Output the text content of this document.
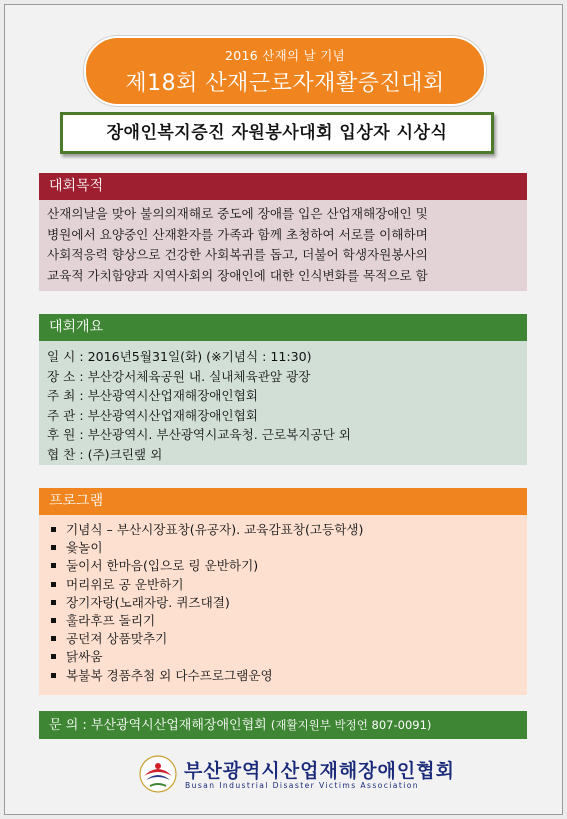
2016 산재의 날 기념
제18회 산재근로자재활증진대회
장애인복지증진 자원봉사대회 입상자 시상식
대회목적
산재의날을 맞아 불의의재해로 중도에 장애를 입은 산업재해장애인 및
병원에서 요양중인 산재환자를 가족과 함께 초청하여 서로를 이해하며
사회적응력 향상으로 건강한 사회복귀를 돕고, 더불어 학생자원봉사의
교육적 가치함양과 지역사회의 장애인에 대한 인식변화를 목적으로 함
대회개요
일 시 : 2016년5월31일(화) (※기념식 : 11:30)
장 소 : 부산강서체육공원 내. 실내체육관앞 광장
주 최 : 부산광역시산업재해장애인협회
주 관 : 부산광역시산업재해장애인협회
후 원 : 부산광역시. 부산광역시교육청. 근로복지공단 외
협 찬 : (주)크린랲 외
프로그램
기념식 – 부산시장표창(유공자). 교육감표창(고등학생)
윷놀이
둘이서 한마음(입으로 링 운반하기)
머리위로 공 운반하기
장기자랑(노래자랑. 퀴즈대결)
훌라후프 돌리기
공던져 상품맞추기
닭싸움
복불복 경품추첨 외 다수프로그램운영
문 의 : 부산광역시산업재해장애인협회 (재활지원부 박정언 807-0091)
부산광역시산업재해장애인협회
Busan Industrial Disaster Victims Association
